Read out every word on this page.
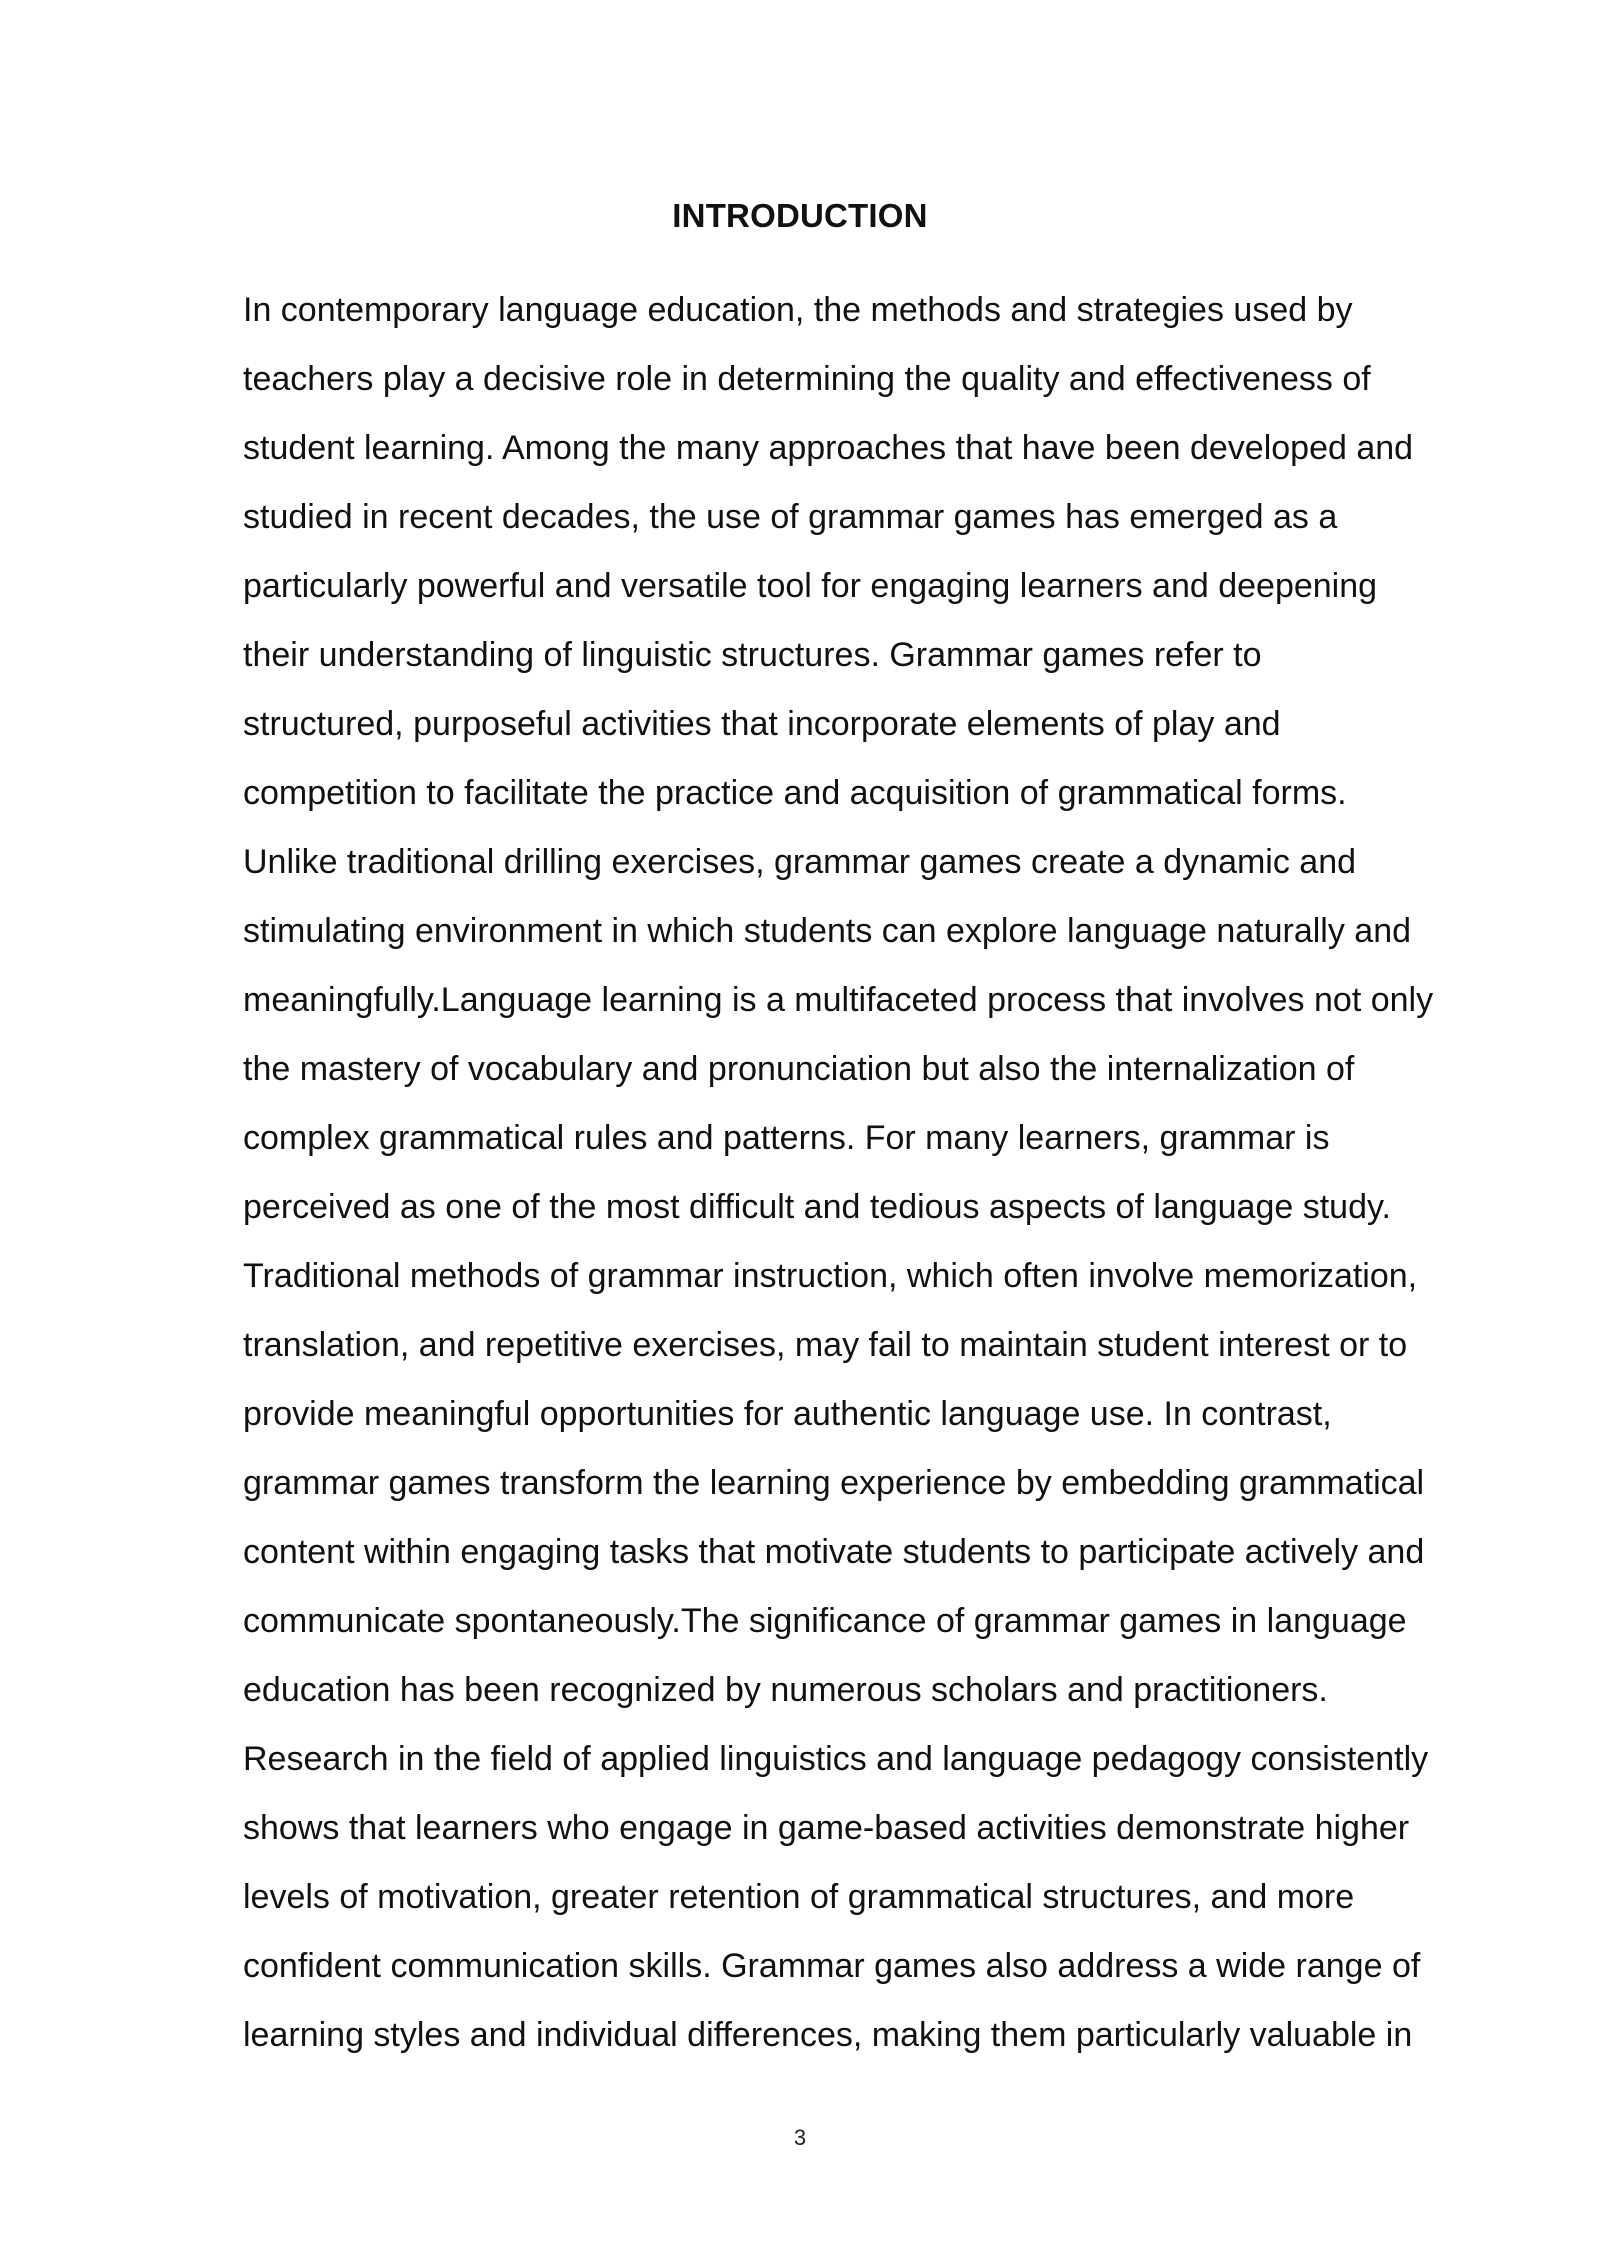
INTRODUCTION
In contemporary language education, the methods and strategies used by
teachers play a decisive role in determining the quality and effectiveness of
student learning. Among the many approaches that have been developed and
studied in recent decades, the use of grammar games has emerged as a
particularly powerful and versatile tool for engaging learners and deepening
their understanding of linguistic structures. Grammar games refer to
structured, purposeful activities that incorporate elements of play and
competition to facilitate the practice and acquisition of grammatical forms.
Unlike traditional drilling exercises, grammar games create a dynamic and
stimulating environment in which students can explore language naturally and
meaningfully.Language learning is a multifaceted process that involves not only
the mastery of vocabulary and pronunciation but also the internalization of
complex grammatical rules and patterns. For many learners, grammar is
perceived as one of the most difficult and tedious aspects of language study.
Traditional methods of grammar instruction, which often involve memorization,
translation, and repetitive exercises, may fail to maintain student interest or to
provide meaningful opportunities for authentic language use. In contrast,
grammar games transform the learning experience by embedding grammatical
content within engaging tasks that motivate students to participate actively and
communicate spontaneously.The significance of grammar games in language
education has been recognized by numerous scholars and practitioners.
Research in the field of applied linguistics and language pedagogy consistently
shows that learners who engage in game-based activities demonstrate higher
levels of motivation, greater retention of grammatical structures, and more
confident communication skills. Grammar games also address a wide range of
learning styles and individual differences, making them particularly valuable in
3
